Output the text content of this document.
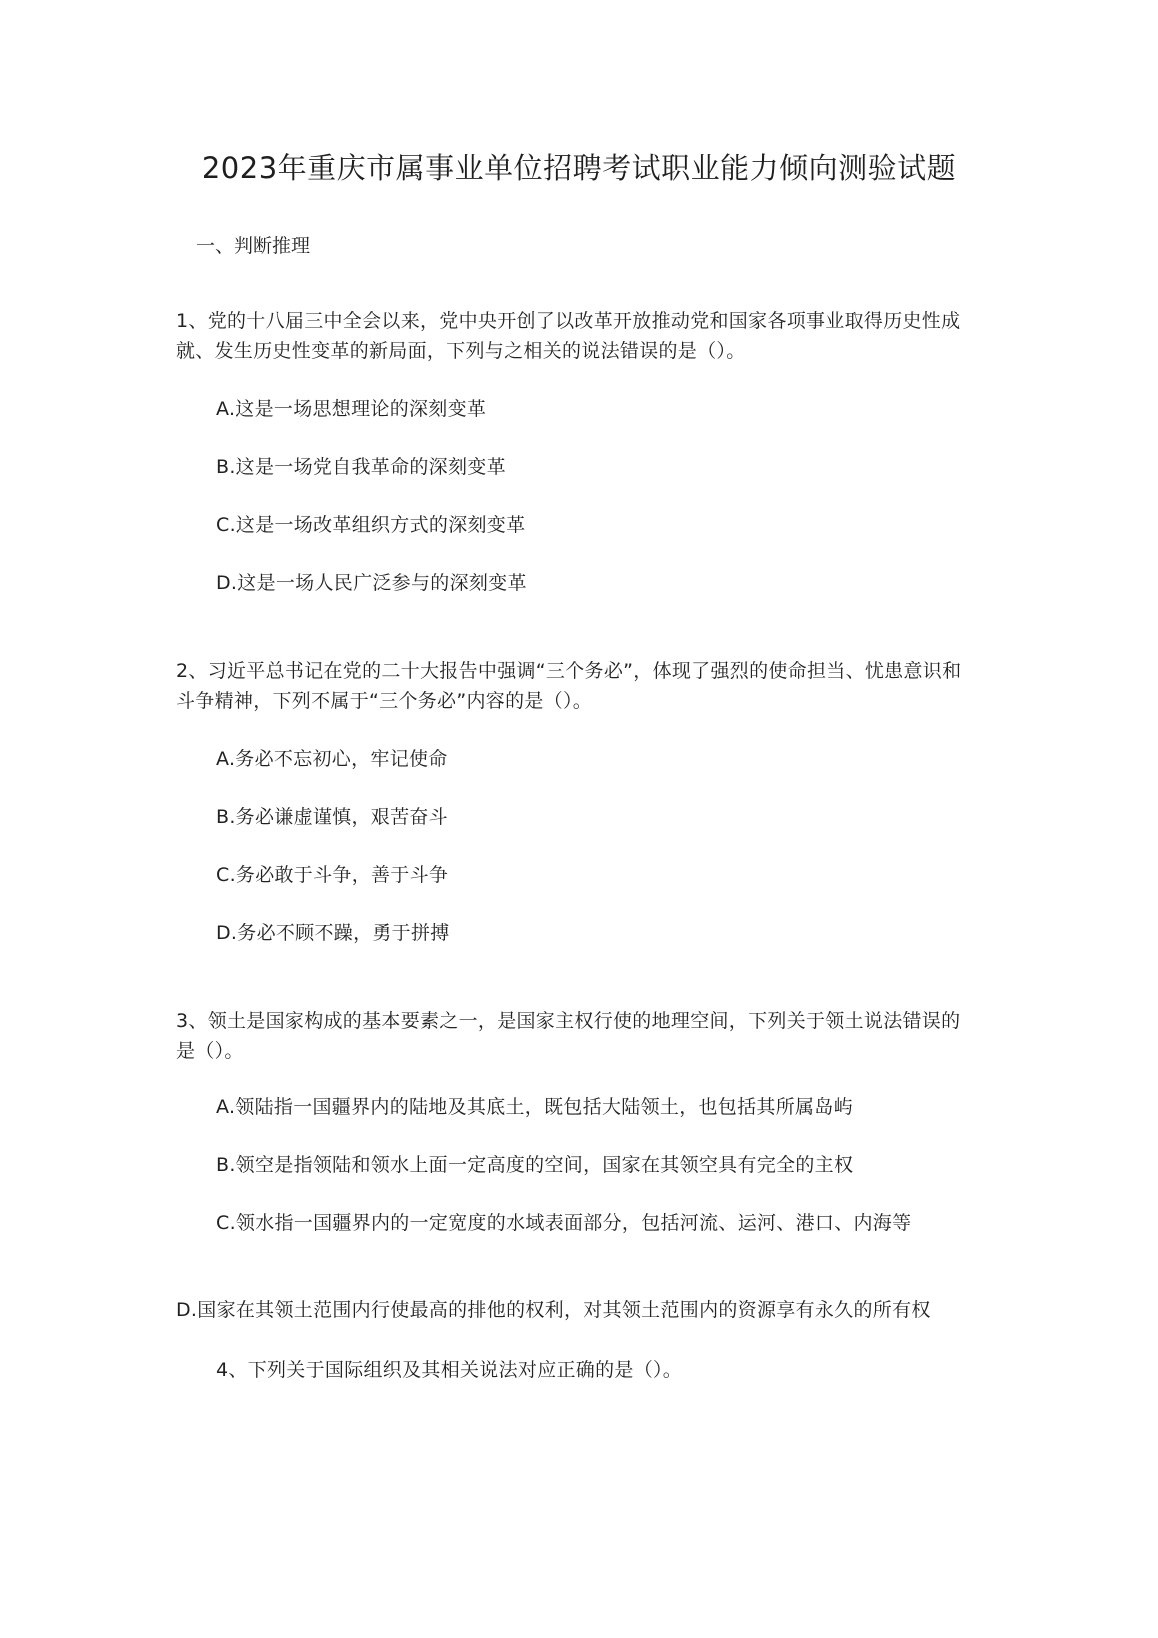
2023年重庆市属事业单位招聘考试职业能力倾向测验试题
一、判断推理
1、党的十八届三中全会以来，党中央开创了以改革开放推动党和国家各项事业取得历史性成就、发生历史性变革的新局面，下列与之相关的说法错误的是（）。
A.这是一场思想理论的深刻变革
B.这是一场党自我革命的深刻变革
C.这是一场改革组织方式的深刻变革
D.这是一场人民广泛参与的深刻变革
2、习近平总书记在党的二十大报告中强调“三个务必”，体现了强烈的使命担当、忧患意识和斗争精神，下列不属于“三个务必”内容的是（）。
A.务必不忘初心，牢记使命
B.务必谦虚谨慎，艰苦奋斗
C.务必敢于斗争，善于斗争
D.务必不顾不躁，勇于拼搏
3、领土是国家构成的基本要素之一，是国家主权行使的地理空间，下列关于领土说法错误的是（）。
A.领陆指一国疆界内的陆地及其底土，既包括大陆领土，也包括其所属岛屿
B.领空是指领陆和领水上面一定高度的空间，国家在其领空具有完全的主权
C.领水指一国疆界内的一定宽度的水域表面部分，包括河流、运河、港口、内海等
D.国家在其领土范围内行使最高的排他的权利，对其领土范围内的资源享有永久的所有权
4、下列关于国际组织及其相关说法对应正确的是（）。
